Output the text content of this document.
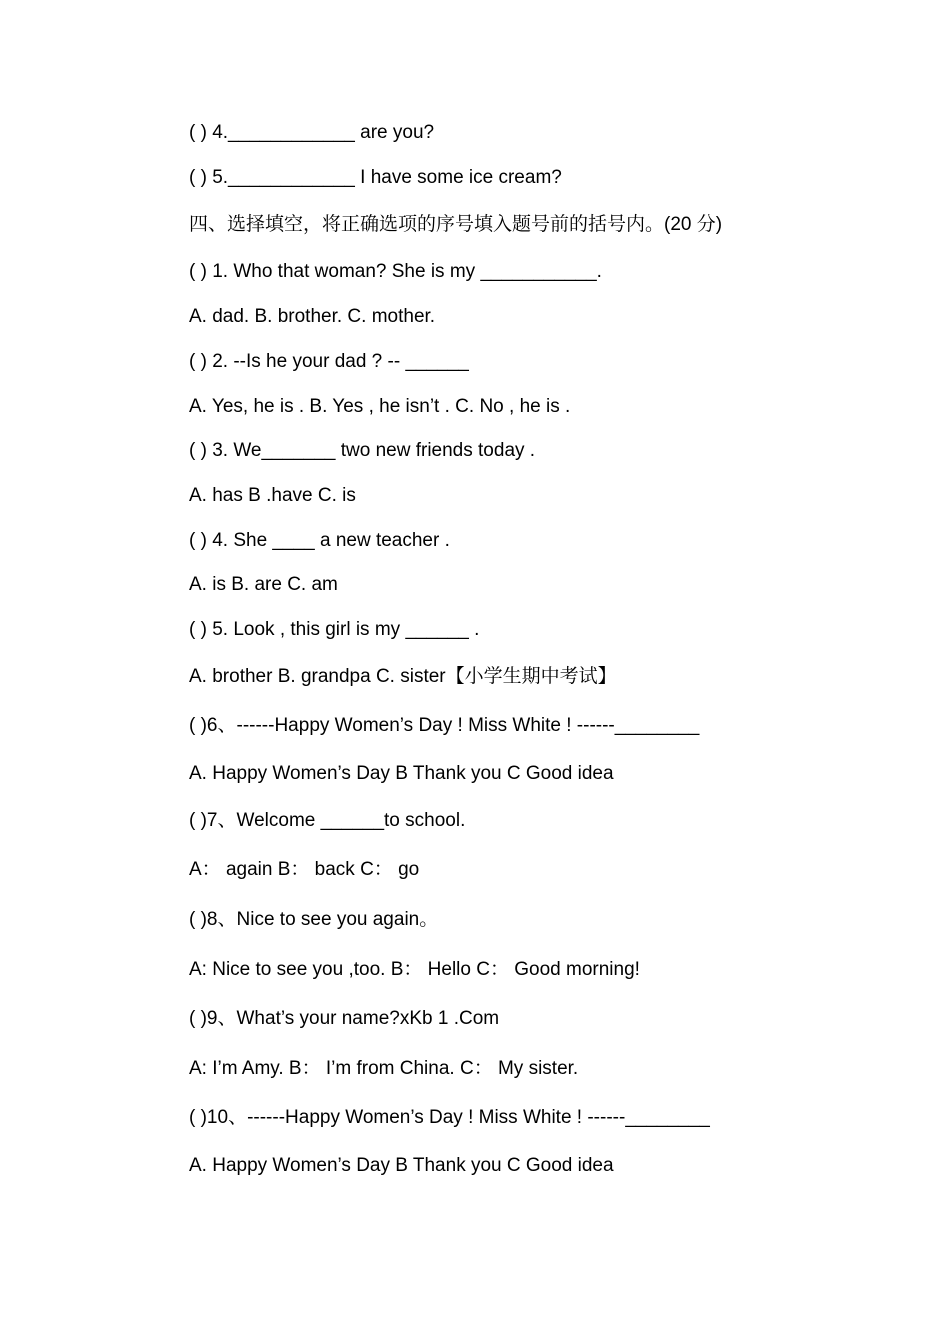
( ) 4.____________ are you?
( ) 5.____________ I have some ice cream?
四、选择填空，将正确选项的序号填入题号前的括号内。(20 分)
( ) 1. Who that woman? She is my ___________.
A. dad. B. brother. C. mother.
( ) 2. --Is he your dad ? -- ______
A. Yes, he is . B. Yes , he isn’t . C. No , he is .
( ) 3. We_______ two new friends today .
A. has B .have C. is
( ) 4. She ____ a new teacher .
A. is B. are C. am
( ) 5. Look , this girl is my ______ .
A. brother B. grandpa C. sister【小学生期中考试】
( )6、------Happy Women’s Day ! Miss White ! ------________
A. Happy Women’s Day B Thank you C Good idea
( )7、Welcome ______to school.
A： again B： back C： go
( )8、Nice to see you again。
A: Nice to see you ,too. B： Hello C： Good morning!
( )9、What’s your name?xKb 1 .Com
A: I’m Amy. B： I’m from China. C： My sister.
( )10、------Happy Women’s Day ! Miss White ! ------________
A. Happy Women’s Day B Thank you C Good idea
